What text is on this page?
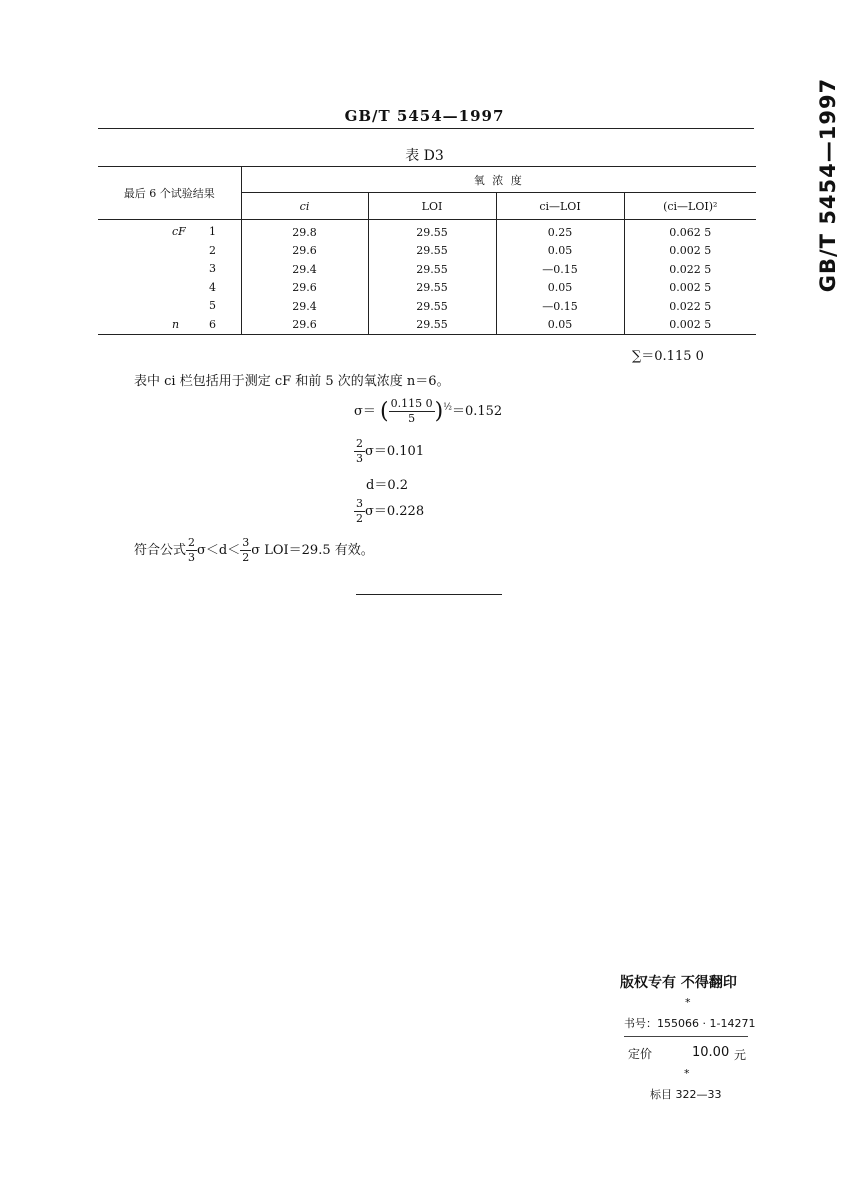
GB/T 5454—1997	GB/T 5454—1997
表 D3
最后 6 个试验结果	氧 浓 度			
	ci	LOI	ci—LOI	(ci—LOI)²

cF 1	29.8	29.55	0.25	0.062 5

2	29.6	29.55	0.05	0.002 5

3	29.4	29.55	—0.15	0.022 5

4	29.6	29.55	0.05	0.002 5

5	29.4	29.55	—0.15	0.022 5

n 6	29.6	29.55	0.05	0.002 5
∑＝0.115 0
表中 ci 栏包括用于测定 cF 和前 5 次的氧浓度 n＝6。
σ＝ ( $\frac{0.115 0}{5} )^{\frac{1}{2}}=0.152$
$\frac{2}{3} \sigma=0.101$
d＝0.2
$\frac{3}{2} \sigma=0.228$
符合公式 $\frac{2}{3} \sigma<d< \frac{3}{2}$ σ LOI＝29.5 有效。
版权专有 不得翻印
*
书号：155066 · 1-14271
定价	10.00 元
*
标目 322—33
